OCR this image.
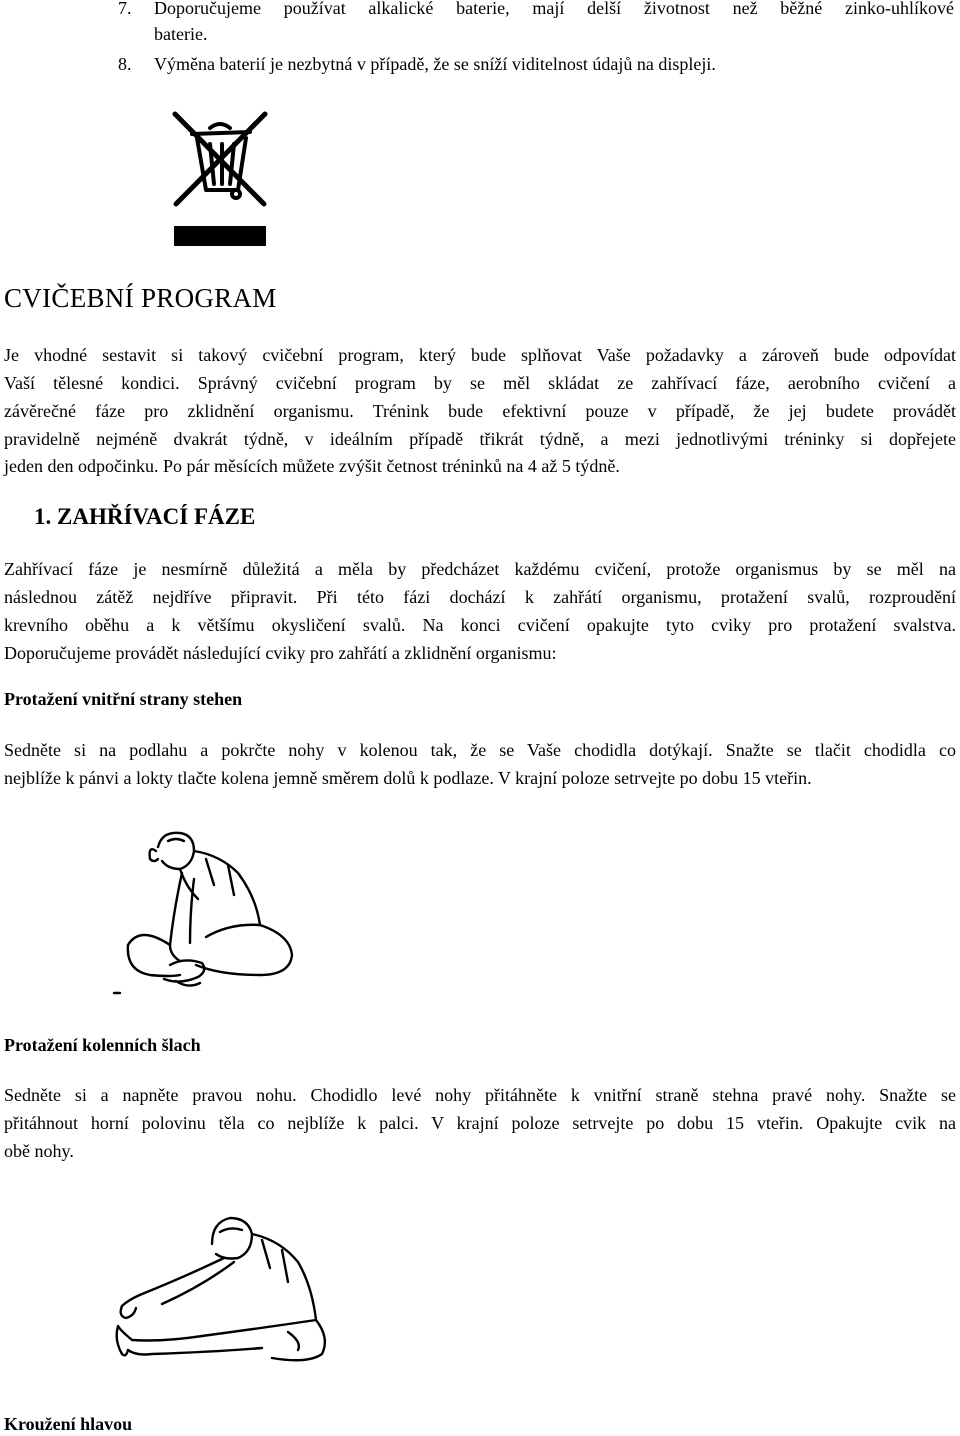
7.	Doporučujeme používat alkalické baterie, mají delší životnost než běžné zinko-uhlíkové
baterie.
8.	Výměna baterií je nezbytná v případě, že se sníží viditelnost údajů na displeji.
CVIČEBNÍ PROGRAM
Je vhodné sestavit si takový cvičební program, který bude splňovat Vaše požadavky a zároveň bude odpovídat
Vaší tělesné kondici. Správný cvičební program by se měl skládat ze zahřívací fáze, aerobního cvičení a
závěrečné fáze pro zklidnění organismu. Trénink bude efektivní pouze v případě, že jej budete provádět
pravidelně nejméně dvakrát týdně, v ideálním případě třikrát týdně, a mezi jednotlivými tréninky si dopřejete
jeden den odpočinku. Po pár měsících můžete zvýšit četnost tréninků na 4 až 5 týdně.
1. ZAHŘÍVACÍ FÁZE
Zahřívací fáze je nesmírně důležitá a měla by předcházet každému cvičení, protože organismus by se měl na
následnou zátěž nejdříve připravit. Při této fázi dochází k zahřátí organismu, protažení svalů, rozproudění
krevního oběhu a k většímu okysličení svalů. Na konci cvičení opakujte tyto cviky pro protažení svalstva.
Doporučujeme provádět následující cviky pro zahřátí a zklidnění organismu:
Protažení vnitřní strany stehen
Sedněte si na podlahu a pokrčte nohy v kolenou tak, že se Vaše chodidla dotýkají. Snažte se tlačit chodidla co
nejblíže k pánvi a lokty tlačte kolena jemně směrem dolů k podlaze. V krajní poloze setrvejte po dobu 15 vteřin.
Protažení kolenních šlach
Sedněte si a napněte pravou nohu. Chodidlo levé nohy přitáhněte k vnitřní straně stehna pravé nohy. Snažte se
přitáhnout horní polovinu těla co nejblíže k palci. V krajní poloze setrvejte po dobu 15 vteřin. Opakujte cvik na
obě nohy.
Kroužení hlavou
